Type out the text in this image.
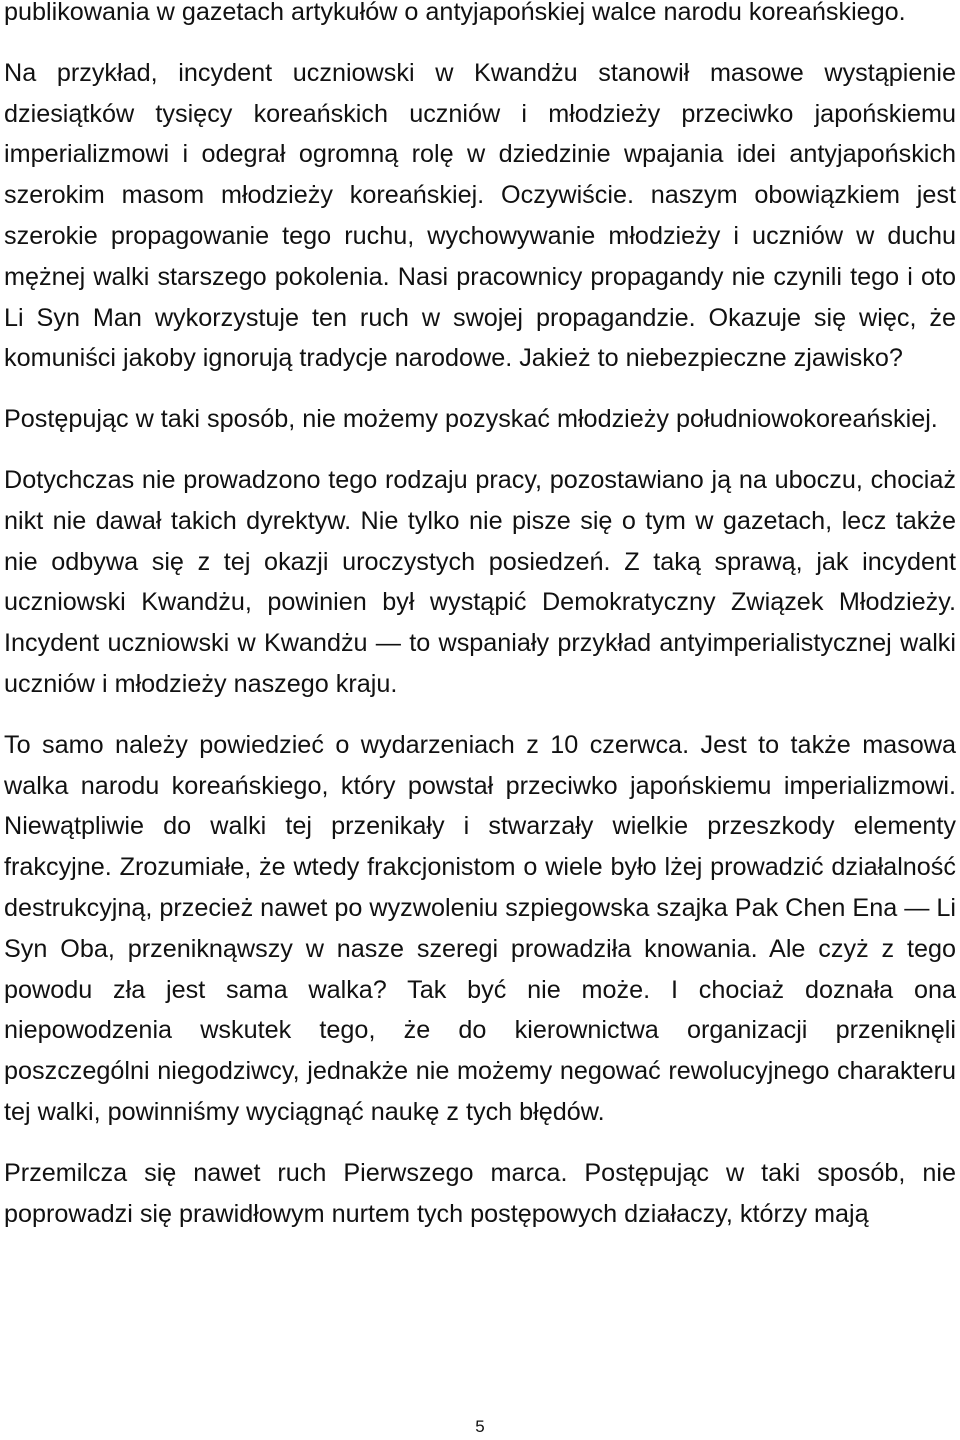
publikowania w gazetach artykułów o antyjapońskiej walce narodu koreańskiego.

Na przykład, incydent uczniowski w Kwandżu stanowił masowe wystąpienie dziesiątków tysięcy koreańskich uczniów i młodzieży przeciwko japońskiemu imperializmowi i odegrał ogromną rolę w dziedzinie wpajania idei antyjapońskich szerokim masom młodzieży koreańskiej. Oczywiście. naszym obowiązkiem jest szerokie propagowanie tego ruchu, wychowywanie młodzieży i uczniów w duchu mężnej walki starszego pokolenia. Nasi pracownicy propagandy nie czynili tego i oto Li Syn Man wykorzystuje ten ruch w swojej propagandzie. Okazuje się więc, że komuniści jakoby ignorują tradycje narodowe. Jakież to niebezpieczne zjawisko?

Postępując w taki sposób, nie możemy pozyskać młodzieży południowokoreańskiej.

Dotychczas nie prowadzono tego rodzaju pracy, pozostawiano ją na uboczu, chociaż nikt nie dawał takich dyrektyw. Nie tylko nie pisze się o tym w gazetach, lecz także nie odbywa się z tej okazji uroczystych posiedzeń. Z taką sprawą, jak incydent uczniowski Kwandżu, powinien był wystąpić Demokratyczny Związek Młodzieży. Incydent uczniowski w Kwandżu — to wspaniały przykład antyimperialistycznej walki uczniów i młodzieży naszego kraju.

To samo należy powiedzieć o wydarzeniach z 10 czerwca. Jest to także masowa walka narodu koreańskiego, który powstał przeciwko japońskiemu imperializmowi. Niewątpliwie do walki tej przenikały i stwarzały wielkie przeszkody elementy frakcyjne. Zrozumiałe, że wtedy frakcjonistom o wiele było lżej prowadzić działalność destrukcyjną, przecież nawet po wyzwoleniu szpiegowska szajka Pak Chen Ena — Li Syn Oba, przeniknąwszy w nasze szeregi prowadziła knowania. Ale czyż z tego powodu zła jest sama walka? Tak być nie może. I chociaż doznała ona niepowodzenia wskutek tego, że do kierownictwa organizacji przeniknęli poszczególni niegodziwcy, jednakże nie możemy negować rewolucyjnego charakteru tej walki, powinniśmy wyciągnąć naukę z tych błędów.

Przemilcza się nawet ruch Pierwszego marca. Postępując w taki sposób, nie poprowadzi się prawidłowym nurtem tych postępowych działaczy, którzy mają

5
